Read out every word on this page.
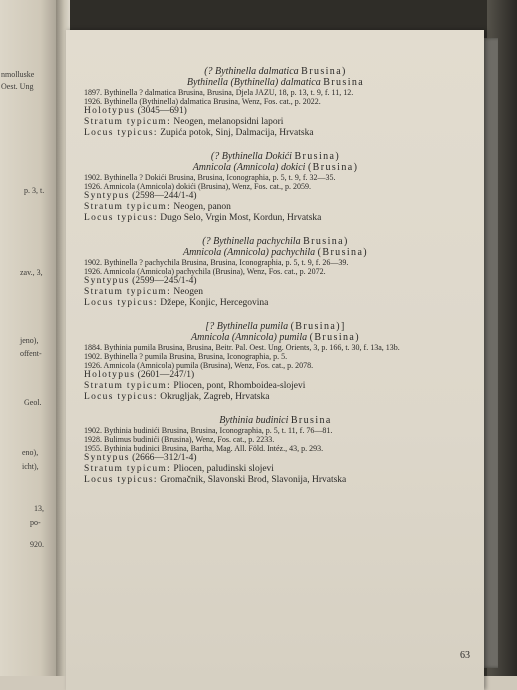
nmolluske
Oest. Ung
p. 3, t.
zav., 3,
jeno),
offent-
Geol.
eno),
icht),
13,
po-
920.
(? Bythinella dalmatica Brusina)
Bythinella (Bythinella) dalmatica Brusina
1897. Bythinella ? dalmatica Brusina, Brusina, Djela JAZU, 18, p. 13, t. 9, f. 11, 12.
1926. Bythinella (Bythinella) dalmatica Brusina, Wenz, Fos. cat., p. 2022.
Holotypus (3045—691)
Stratum typicum: Neogen, melanopsidni lapori
Locus typicus: Zupića potok, Sinj, Dalmacija, Hrvatska
(? Bythinella Dokići Brusina)
Amnicola (Amnicola) dokici (Brusina)
1902. Bythinella ? Dokići Brusina, Brusina, Iconographia, p. 5, t. 9, f. 32—35.
1926. Amnicola (Amnicola) dokići (Brusina), Wenz, Fos. cat., p. 2059.
Syntypus (2598—244/1-4)
Stratum typicum: Neogen, panon
Locus typicus: Dugo Selo, Vrgin Most, Kordun, Hrvatska
(? Bythinella pachychila Brusina)
Amnicola (Amnicola) pachychila (Brusina)
1902. Bythinella ? pachychila Brusina, Brusina, Iconographia, p. 5, t. 9, f. 26—39.
1926. Amnicola (Amnicola) pachychila (Brusina), Wenz, Fos. cat., p. 2072.
Syntypus (2599—245/1-4)
Stratum typicum: Neogen
Locus typicus: Džepe, Konjic, Hercegovina
[? Bythinella pumila (Brusina)]
Amnicola (Amnicola) pumila (Brusina)
1884. Bythinia pumila Brusina, Brusina, Beitr. Pal. Oest. Ung. Orients, 3, p. 166, t. 30, f. 13a, 13b.
1902. Bythinella ? pumila Brusina, Brusina, Iconographia, p. 5.
1926. Amnicola (Amnicola) pumila (Brusina), Wenz, Fos. cat., p. 2078.
Holotypus (2601—247/1)
Stratum typicum: Pliocen, pont, Rhomboidea-slojevi
Locus typicus: Okrugljak, Zagreb, Hrvatska
Bythinia budinici Brusina
1902. Bythinia budinići Brusina, Brusina, Iconographia, p. 5, t. 11, f. 76—81.
1928. Bulimus budinići (Brusina), Wenz, Fos. cat., p. 2233.
1955. Bythinia budinici Brusina, Bartha, Mag. All. Föld. Intéz., 43, p. 293.
Syntypus (2666—312/1-4)
Stratum typicum: Pliocen, paludinski slojevi
Locus typicus: Gromačnik, Slavonski Brod, Slavonija, Hrvatska
63
